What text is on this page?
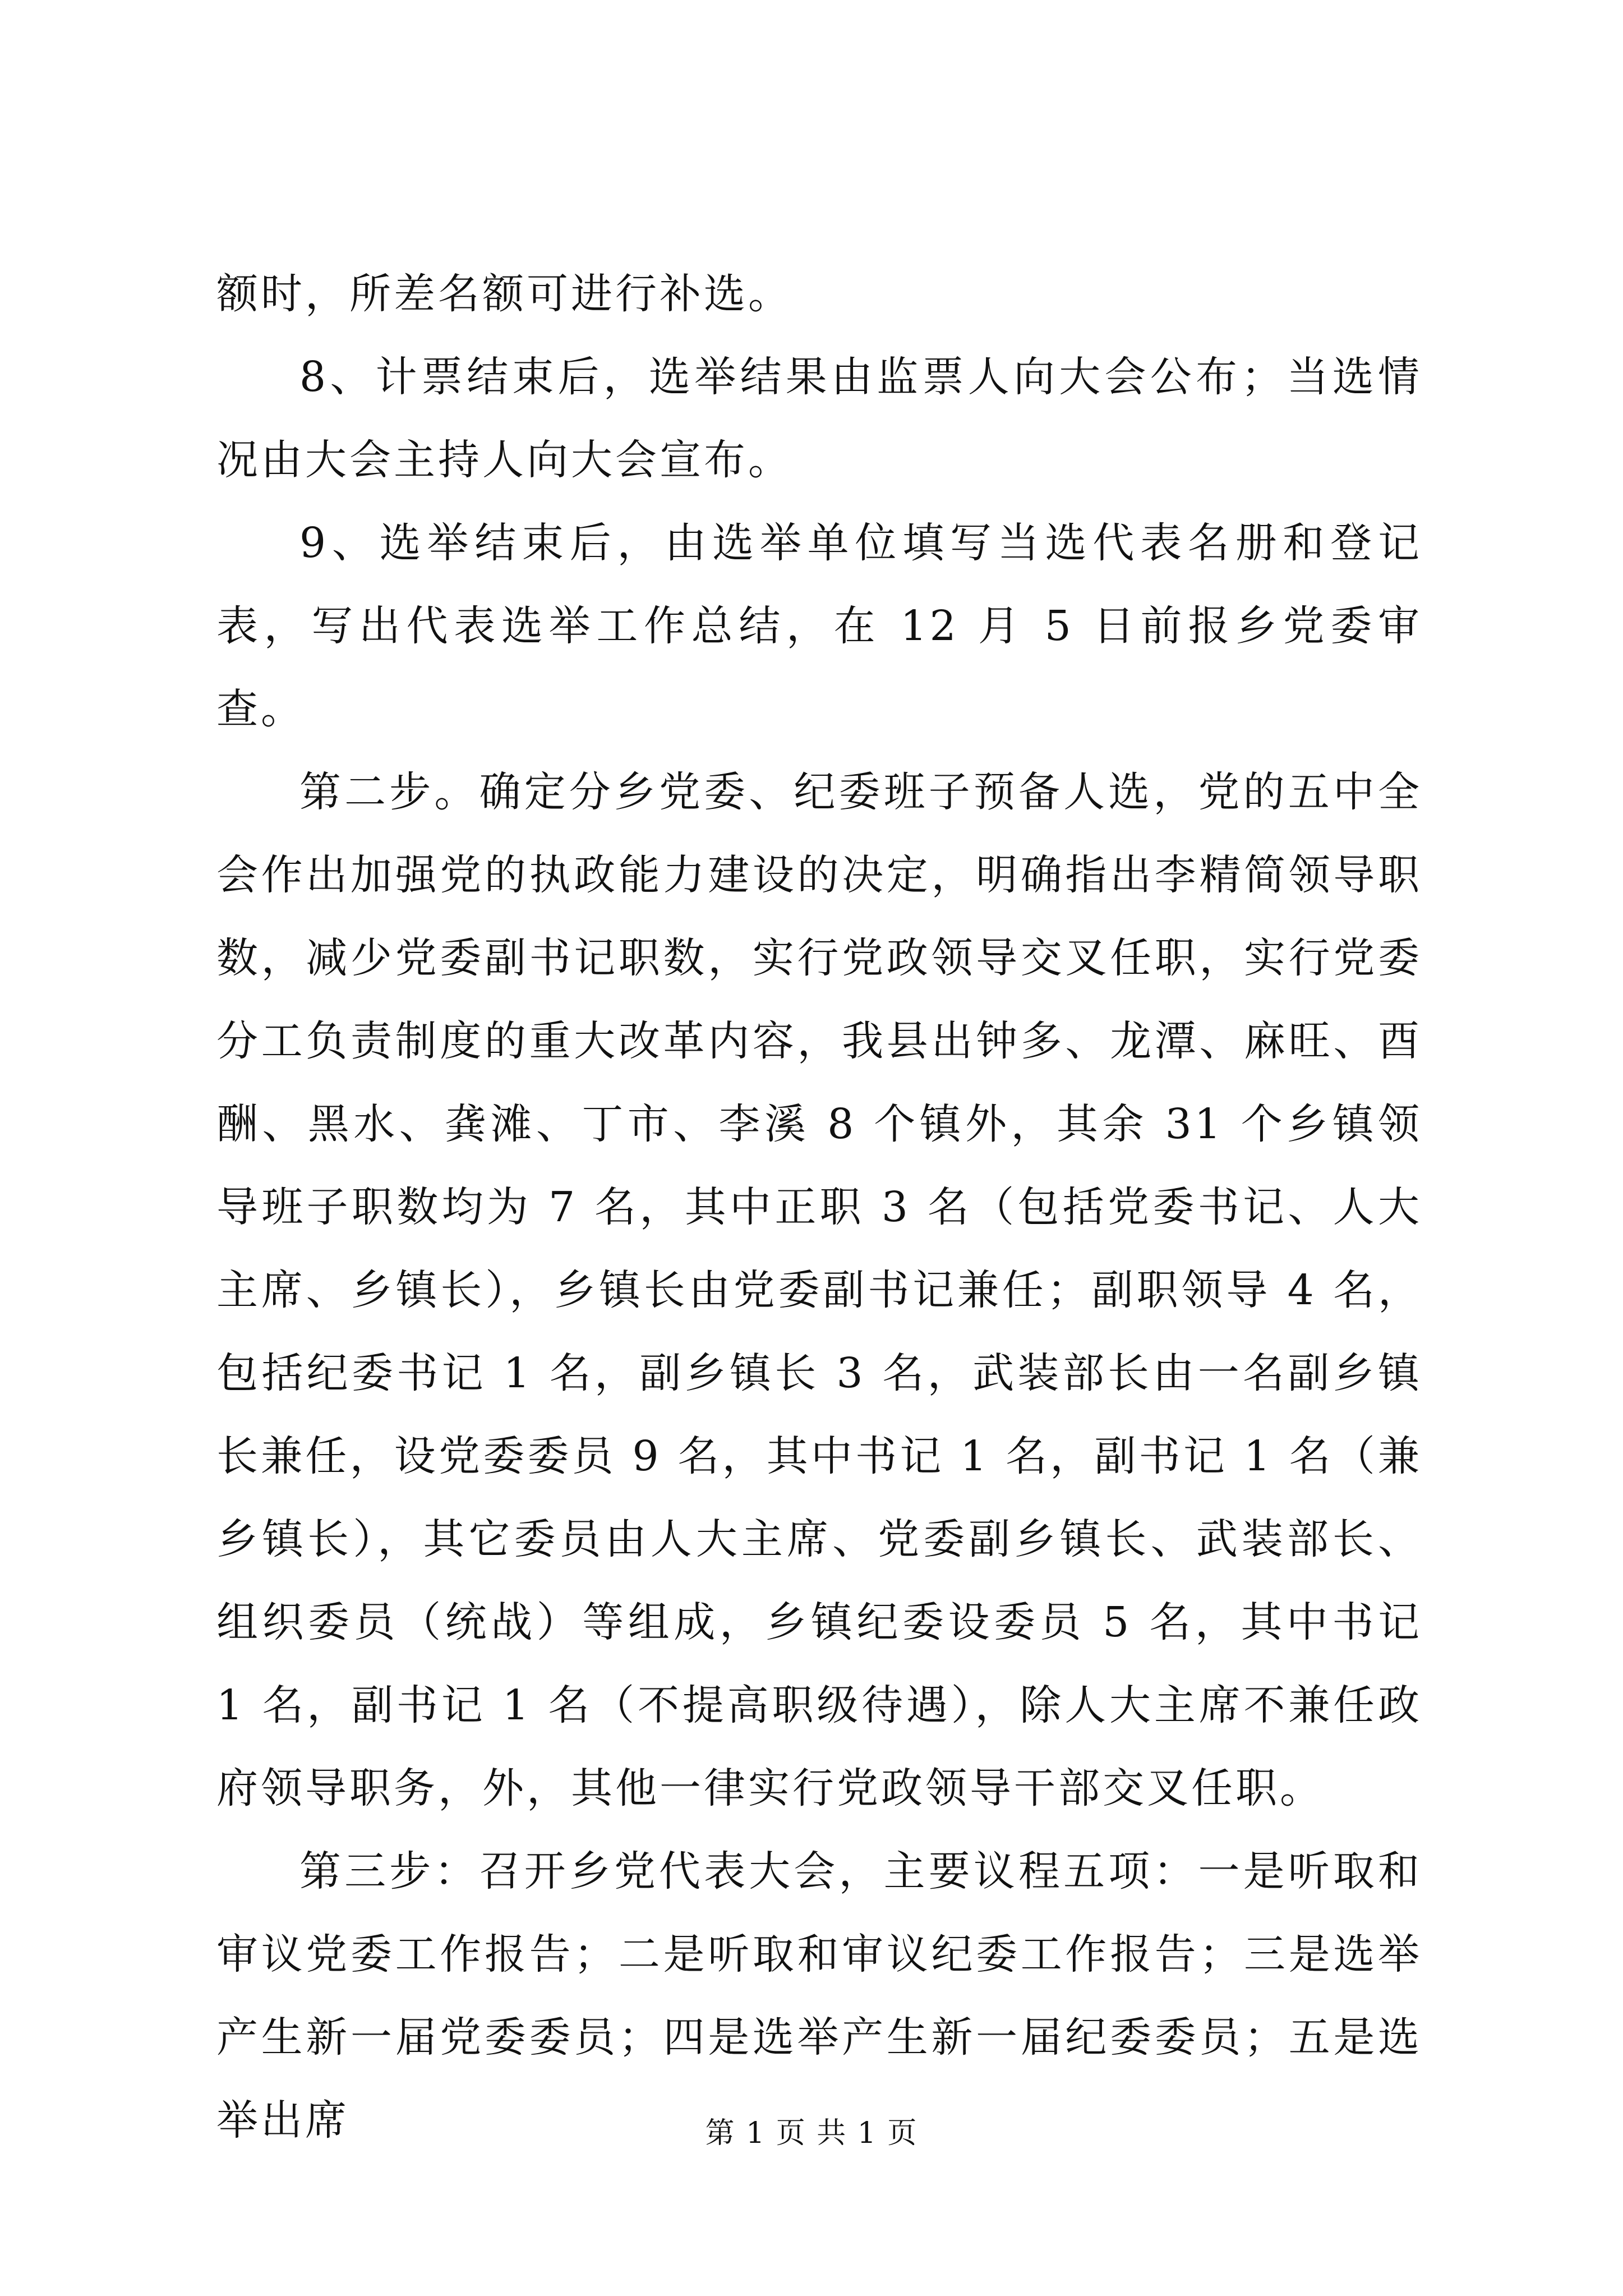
额时，所差名额可进行补选。

8、计票结束后，选举结果由监票人向大会公布；当选情况由大会主持人向大会宣布。

9、选举结束后，由选举单位填写当选代表名册和登记表，写出代表选举工作总结，在 12 月 5 日前报乡党委审查。

第二步。确定分乡党委、纪委班子预备人选，党的五中全会作出加强党的执政能力建设的决定，明确指出李精简领导职数，减少党委副书记职数，实行党政领导交叉任职，实行党委分工负责制度的重大改革内容，我县出钟多、龙潭、麻旺、酉酬、黑水、龚滩、丁市、李溪 8 个镇外，其余 31 个乡镇领导班子职数均为 7 名，其中正职 3 名（包括党委书记、人大主席、乡镇长），乡镇长由党委副书记兼任；副职领导 4 名，包括纪委书记 1 名，副乡镇长 3 名，武装部长由一名副乡镇长兼任，设党委委员 9 名，其中书记 1 名，副书记 1 名（兼乡镇长），其它委员由人大主席、党委副乡镇长、武装部长、组织委员（统战）等组成，乡镇纪委设委员 5 名，其中书记 1 名，副书记 1 名（不提高职级待遇），除人大主席不兼任政府领导职务，外，其他一律实行党政领导干部交叉任职。

第三步：召开乡党代表大会，主要议程五项：一是听取和审议党委工作报告；二是听取和审议纪委工作报告；三是选举产生新一届党委委员；四是选举产生新一届纪委委员；五是选举出席	第 1 页 共 1 页
